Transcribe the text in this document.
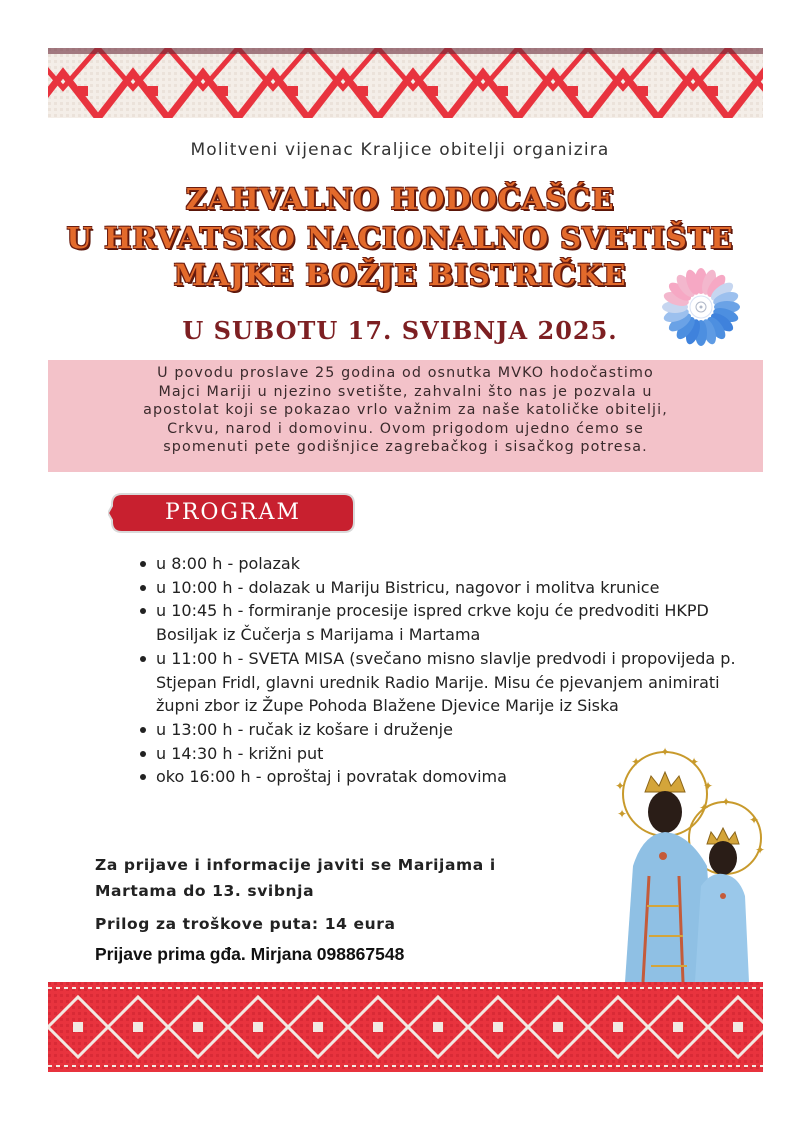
Molitveni vijenac Kraljice obitelji organizira
ZAHVALNO HODOČAŠĆE
U HRVATSKO NACIONALNO SVETIŠTE
MAJKE BOŽJE BISTRIČKE
U SUBOTU 17. SVIBNJA 2025.
U povodu proslave 25 godina od osnutka MVKO hodočastimo
Majci Mariji u njezino svetište, zahvalni što nas je pozvala u
apostolat koji se pokazao vrlo važnim za naše katoličke obitelji,
Crkvu, narod i domovinu. Ovom prigodom ujedno ćemo se
spomenuti pete godišnjice zagrebačkog i sisačkog potresa.
PROGRAM
u 8:00 h - polazak
u 10:00 h - dolazak u Mariju Bistricu, nagovor i molitva krunice
u 10:45 h - formiranje procesije ispred crkve koju će predvoditi HKPD Bosiljak iz Čučerja s Marijama i Martama
u 11:00 h - SVETA MISA (svečano misno slavlje predvodi i propovijeda p. Stjepan Fridl, glavni urednik Radio Marije. Misu će pjevanjem animirati župni zbor iz Župe Pohoda Blažene Djevice Marije iz Siska
u 13:00 h - ručak iz košare i druženje
u 14:30 h - križni put
oko 16:00 h - oproštaj i povratak domovima
Za prijave i informacije javiti se Marijama i Martama do 13. svibnja
Prilog za troškove puta: 14 eura
Prijave prima gđa. Mirjana 098867548
✦
✦
✦
✦
✦
✦
✦
✦
✦
✦
